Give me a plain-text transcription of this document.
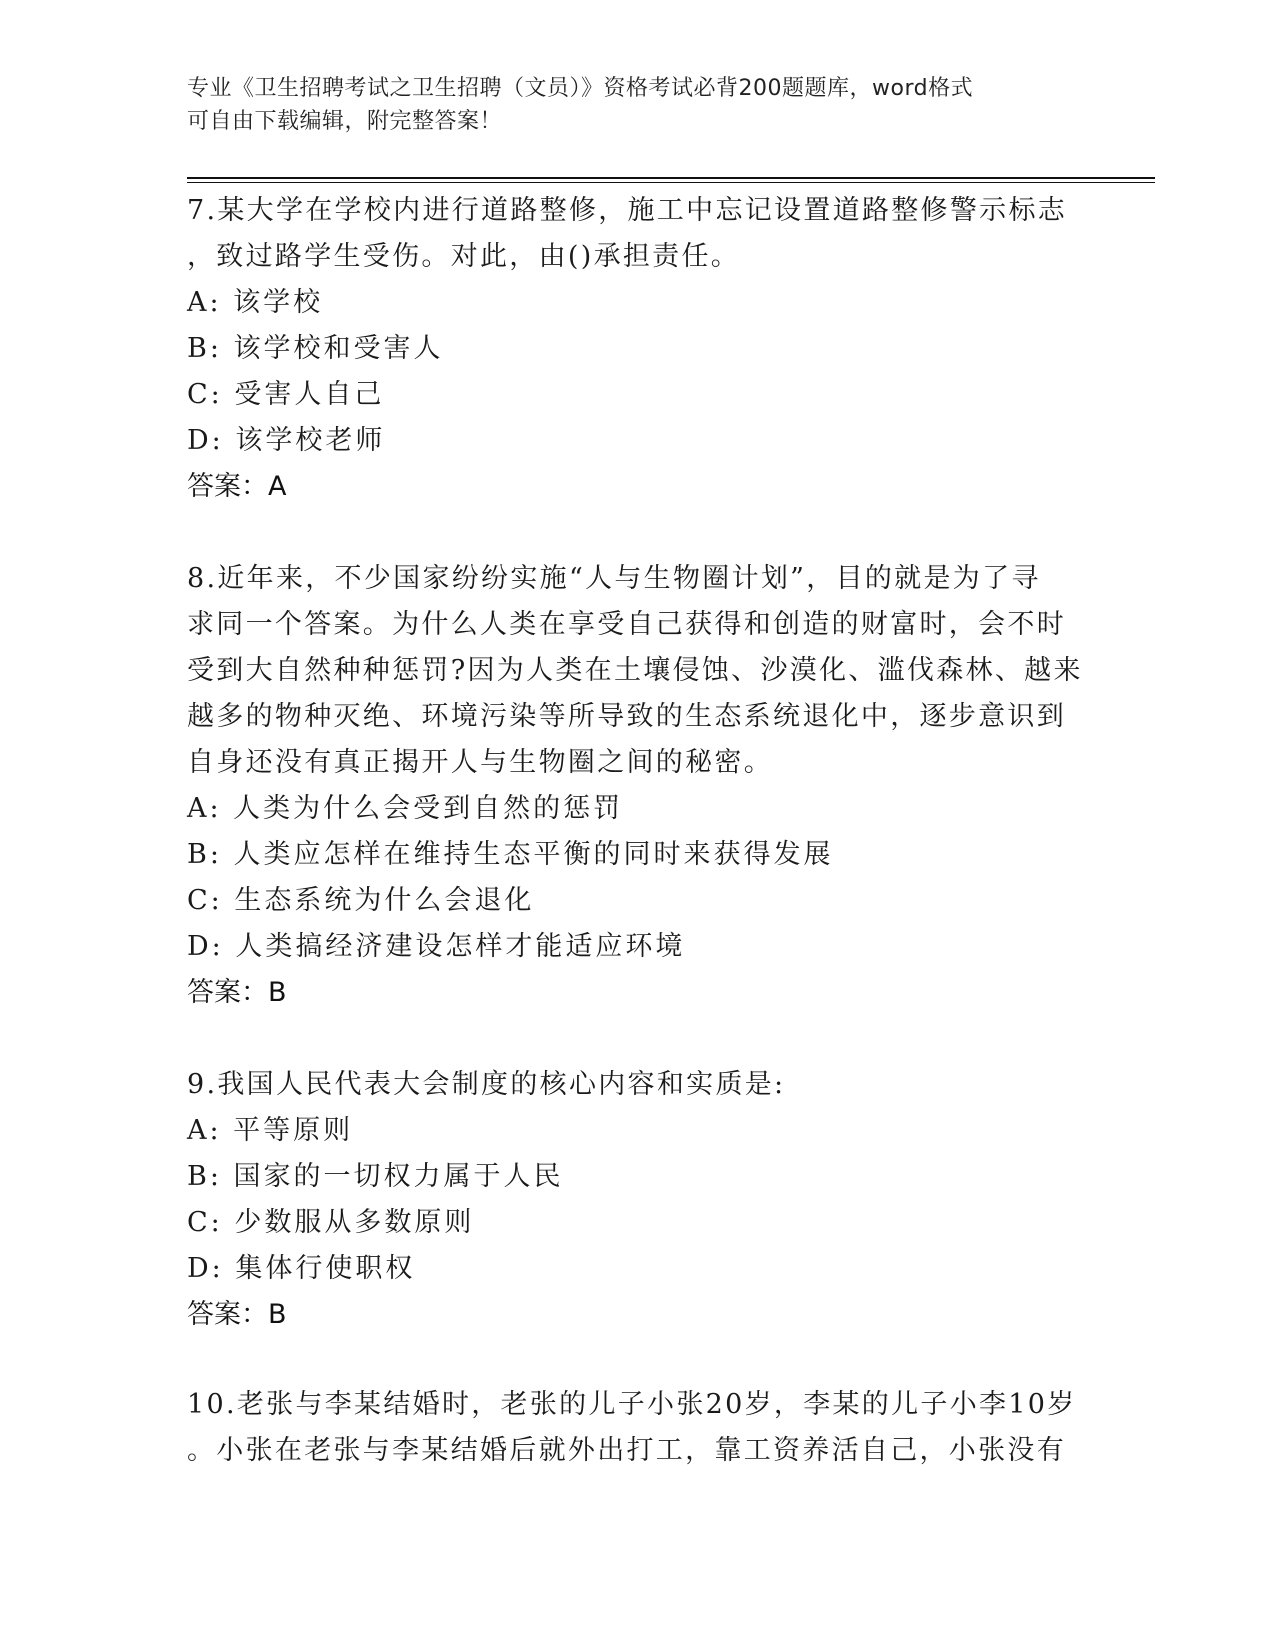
专业《卫生招聘考试之卫生招聘（文员）》资格考试必背200题题库，word格式
可自由下载编辑，附完整答案！
7.某大学在学校内进行道路整修，施工中忘记设置道路整修警示标志
，致过路学生受伤。对此，由()承担责任。
A: 该学校
B: 该学校和受害人
C: 受害人自己
D: 该学校老师
答案：A
8.近年来，不少国家纷纷实施“人与生物圈计划”，目的就是为了寻
求同一个答案。为什么人类在享受自己获得和创造的财富时，会不时
受到大自然种种惩罚?因为人类在土壤侵蚀、沙漠化、滥伐森林、越来
越多的物种灭绝、环境污染等所导致的生态系统退化中，逐步意识到
自身还没有真正揭开人与生物圈之间的秘密。
A: 人类为什么会受到自然的惩罚
B: 人类应怎样在维持生态平衡的同时来获得发展
C: 生态系统为什么会退化
D: 人类搞经济建设怎样才能适应环境
答案：B
9.我国人民代表大会制度的核心内容和实质是:
A: 平等原则
B: 国家的一切权力属于人民
C: 少数服从多数原则
D: 集体行使职权
答案：B
10.老张与李某结婚时，老张的儿子小张20岁，李某的儿子小李10岁
。小张在老张与李某结婚后就外出打工，靠工资养活自己，小张没有
